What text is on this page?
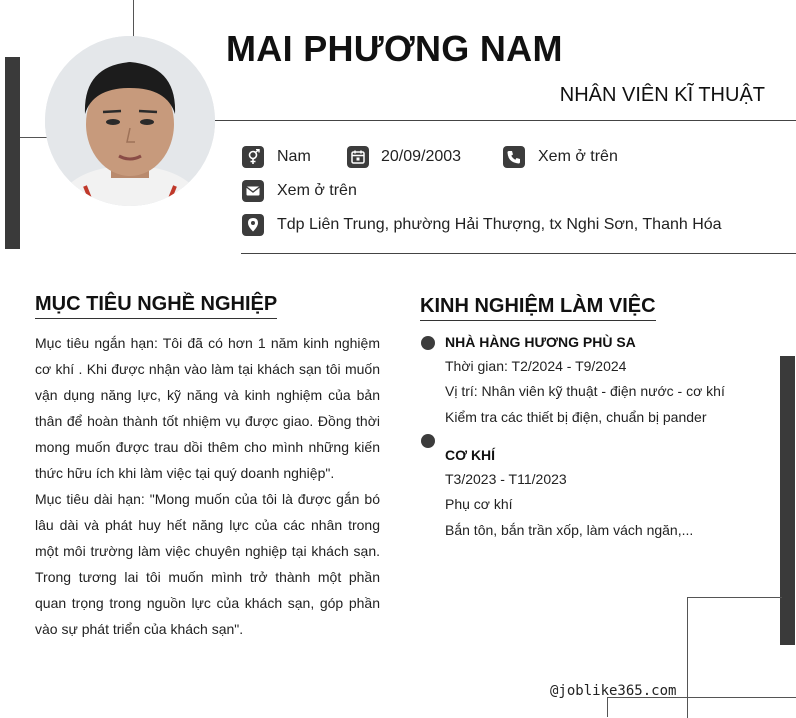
MAI PHƯƠNG NAM
NHÂN VIÊN KĨ THUẬT
Nam	20/09/2003	Xem ở trên
Xem ở trên
Tdp Liên Trung, phường Hải Thượng, tx Nghi Sơn, Thanh Hóa
MỤC TIÊU NGHỀ NGHIỆP

Mục tiêu ngắn hạn: Tôi đã có hơn 1 năm kinh nghiệm cơ khí . Khi được nhận vào làm tại khách sạn tôi muốn vận dụng năng lực, kỹ năng và kinh nghiệm của bản thân để hoàn thành tốt nhiệm vụ được giao. Đồng thời mong muốn được trau dồi thêm cho mình những kiến thức hữu ích khi làm việc tại quý doanh nghiệp".

Mục tiêu dài hạn: "Mong muốn của tôi là được gắn bó lâu dài và phát huy hết năng lực của các nhân trong một môi trường làm việc chuyên nghiệp tại khách sạn. Trong tương lai tôi muốn mình trở thành một phần quan trọng trong nguồn lực của khách sạn, góp phần vào sự phát triển của khách sạn".

KINH NGHIỆM LÀM VIỆC
NHÀ HÀNG HƯƠNG PHÙ SA
Thời gian: T2/2024 - T9/2024
Vị trí: Nhân viên kỹ thuật - điện nước - cơ khí
Kiểm tra các thiết bị điện, chuẩn bị pander
CƠ KHÍ
T3/2023 - T11/2023
Phụ cơ khí
Bắn tôn, bắn trần xốp, làm vách ngăn,...
@joblike365.com
